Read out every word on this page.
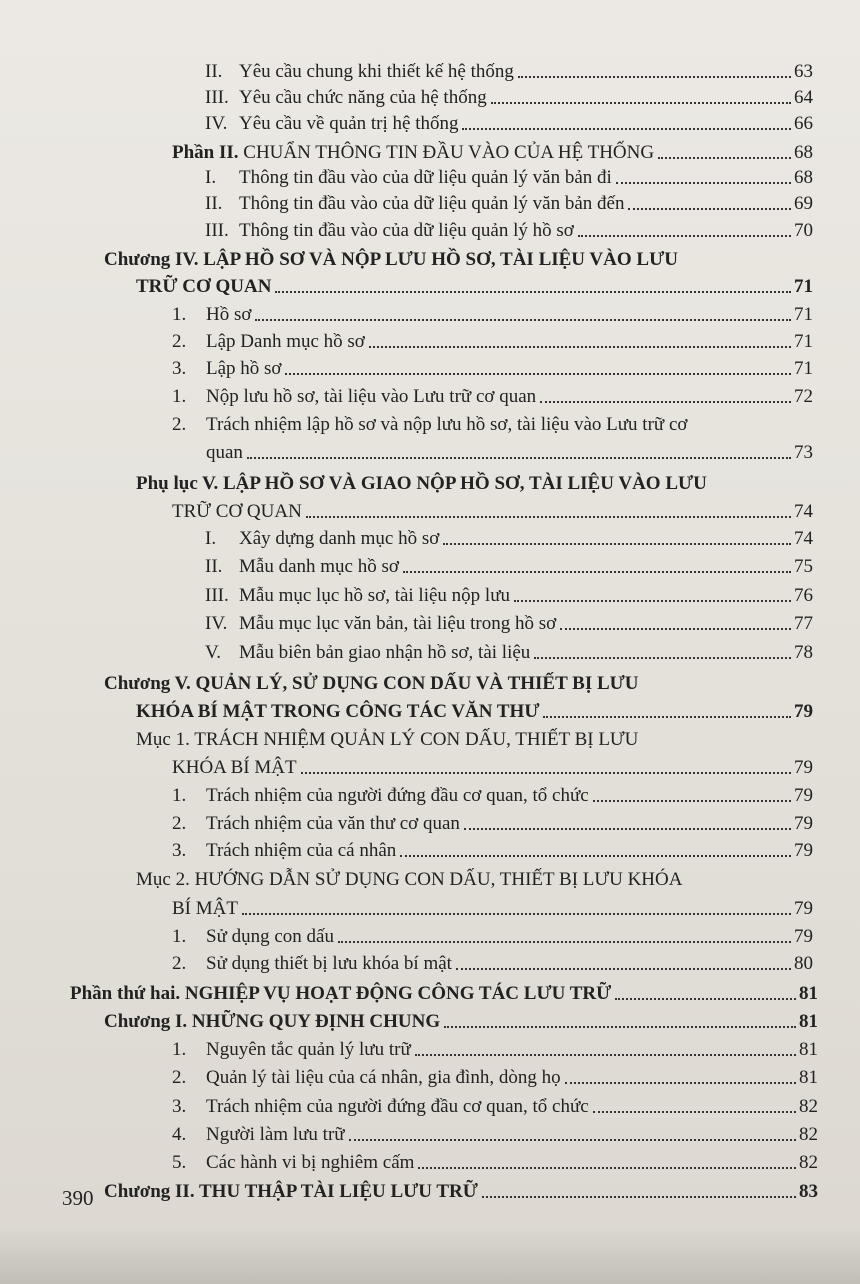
II. Yêu cầu chung khi thiết kế hệ thống	63
III. Yêu cầu chức năng của hệ thống	64
IV. Yêu cầu về quản trị hệ thống	66
Phần II. CHUẨN THÔNG TIN ĐẦU VÀO CỦA HỆ THỐNG	68
I. Thông tin đầu vào của dữ liệu quản lý văn bản đi	68
II. Thông tin đầu vào của dữ liệu quản lý văn bản đến	69
III. Thông tin đầu vào của dữ liệu quản lý hồ sơ	70
Chương IV. LẬP HỒ SƠ VÀ NỘP LƯU HỒ SƠ, TÀI LIỆU VÀO LƯU
TRỮ CƠ QUAN	71
1. Hồ sơ	71
2. Lập Danh mục hồ sơ	71
3. Lập hồ sơ	71
1. Nộp lưu hồ sơ, tài liệu vào Lưu trữ cơ quan	72
2. Trách nhiệm lập hồ sơ và nộp lưu hồ sơ, tài liệu vào Lưu trữ cơ
quan	73
Phụ lục V. LẬP HỒ SƠ VÀ GIAO NỘP HỒ SƠ, TÀI LIỆU VÀO LƯU
TRỮ CƠ QUAN	74
I. Xây dựng danh mục hồ sơ	74
II. Mẫu danh mục hồ sơ	75
III. Mẫu mục lục hồ sơ, tài liệu nộp lưu	76
IV. Mẫu mục lục văn bản, tài liệu trong hồ sơ	77
V. Mẫu biên bản giao nhận hồ sơ, tài liệu	78
Chương V. QUẢN LÝ, SỬ DỤNG CON DẤU VÀ THIẾT BỊ LƯU
KHÓA BÍ MẬT TRONG CÔNG TÁC VĂN THƯ	79
Mục 1. TRÁCH NHIỆM QUẢN LÝ CON DẤU, THIẾT BỊ LƯU
KHÓA BÍ MẬT	79
1. Trách nhiệm của người đứng đầu cơ quan, tổ chức	79
2. Trách nhiệm của văn thư cơ quan	79
3. Trách nhiệm của cá nhân	79
Mục 2. HƯỚNG DẪN SỬ DỤNG CON DẤU, THIẾT BỊ LƯU KHÓA
BÍ MẬT	79
1. Sử dụng con dấu	79
2. Sử dụng thiết bị lưu khóa bí mật	80
Phần thứ hai. NGHIỆP VỤ HOẠT ĐỘNG CÔNG TÁC LƯU TRỮ	81
Chương I. NHỮNG QUY ĐỊNH CHUNG	81
1. Nguyên tắc quản lý lưu trữ	81
2. Quản lý tài liệu của cá nhân, gia đình, dòng họ	81
3. Trách nhiệm của người đứng đầu cơ quan, tổ chức	82
4. Người làm lưu trữ	82
5. Các hành vi bị nghiêm cấm	82
Chương II. THU THẬP TÀI LIỆU LƯU TRỮ	83
390
